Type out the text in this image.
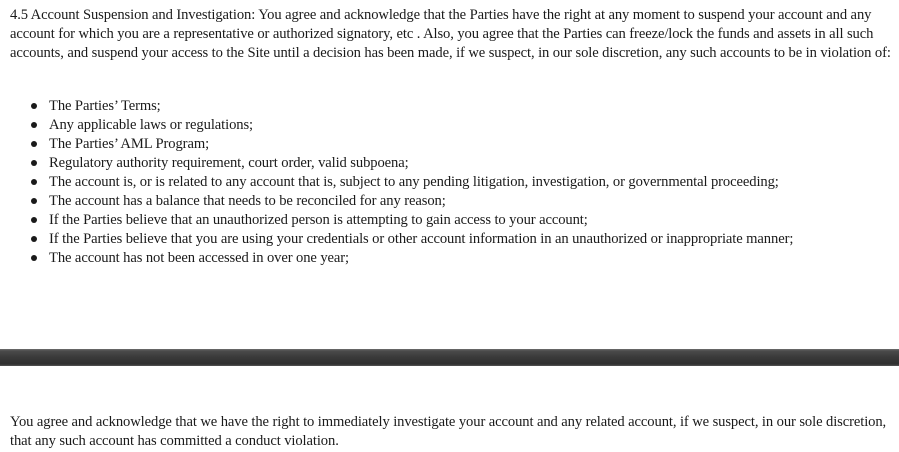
4.5 Account Suspension and Investigation: You agree and acknowledge that the Parties have the right at any moment to suspend your account and any account for which you are a representative or authorized signatory, etc . Also, you agree that the Parties can freeze/lock the funds and assets in all such accounts, and suspend your access to the Site until a decision has been made, if we suspect, in our sole discretion, any such accounts to be in violation of:

The Parties’ Terms;
Any applicable laws or regulations;
The Parties’ AML Program;
Regulatory authority requirement, court order, valid subpoena;
The account is, or is related to any account that is, subject to any pending litigation, investigation, or governmental proceeding;
The account has a balance that needs to be reconciled for any reason;
If the Parties believe that an unauthorized person is attempting to gain access to your account;
If the Parties believe that you are using your credentials or other account information in an unauthorized or inappropriate manner;
The account has not been accessed in over one year;

You agree and acknowledge that we have the right to immediately investigate your account and any related account, if we suspect, in our sole discretion, that any such account has committed a conduct violation.
